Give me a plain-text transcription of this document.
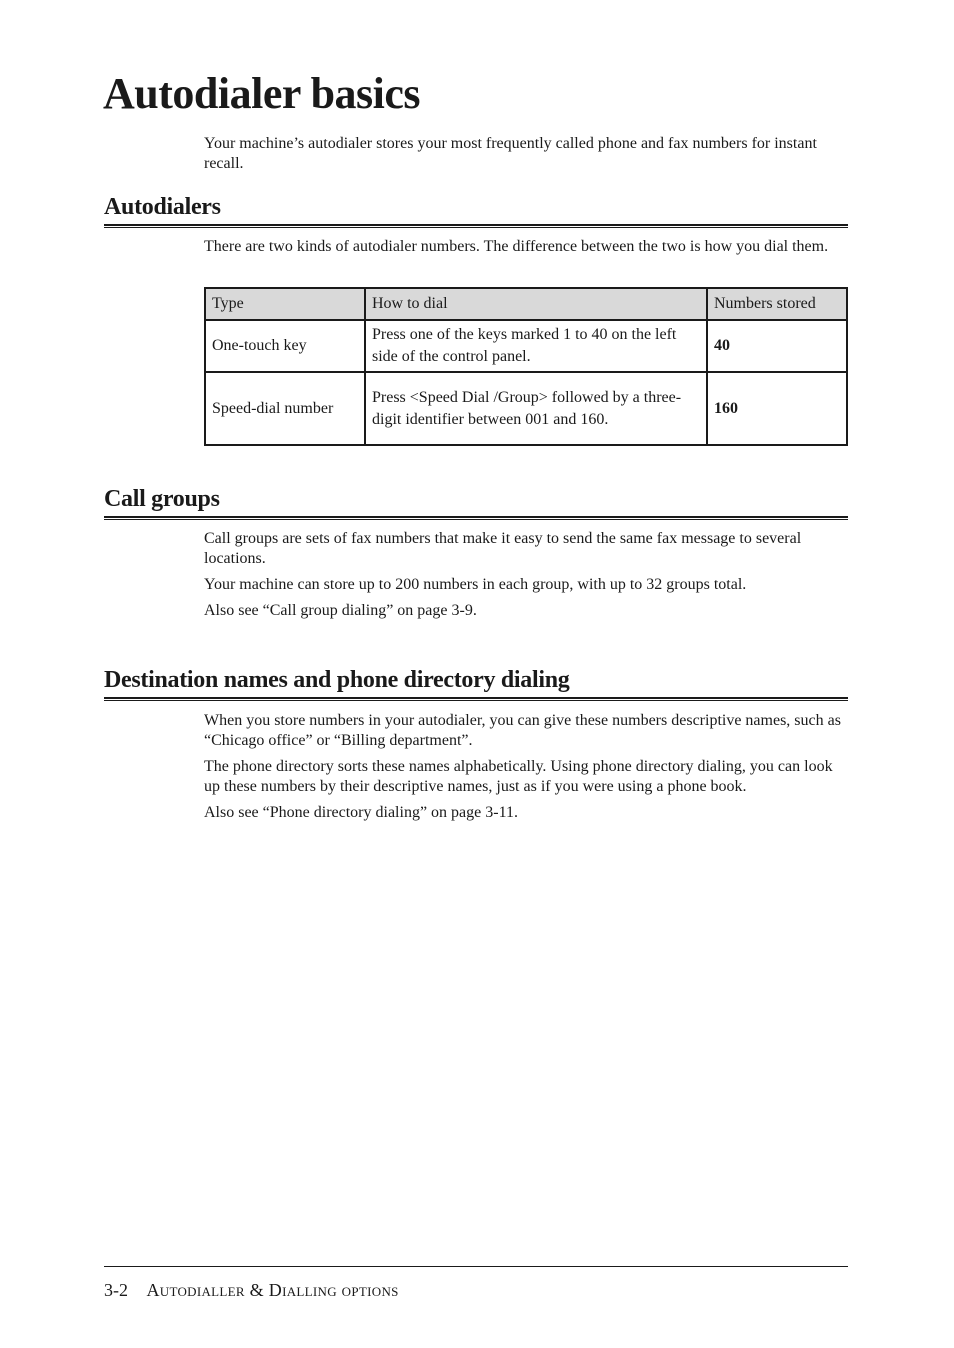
Autodialer basics

Your machine’s autodialer stores your most frequently called phone and fax numbers for instant recall.

Autodialers

There are two kinds of autodialer numbers. The difference between the two is how you dial them.

Type	How to dial	Numbers stored
One-touch key	Press one of the keys marked 1 to 40 on the left side of the control panel.	40
Speed-dial number	Press <Speed Dial /Group> followed by a three-digit identifier between 001 and 160.	160
Call groups

Call groups are sets of fax numbers that make it easy to send the same fax message to several locations.

Your machine can store up to 200 numbers in each group, with up to 32 groups total.

Also see “Call group dialing” on page 3-9.

Destination names and phone directory dialing

When you store numbers in your autodialer, you can give these numbers descriptive names, such as “Chicago office” or “Billing department”.

The phone directory sorts these names alphabetically. Using phone directory dialing, you can look up these numbers by their descriptive names, just as if you were using a phone book.

Also see “Phone directory dialing” on page 3-11.

3-2 Autodialler & Dialling options
